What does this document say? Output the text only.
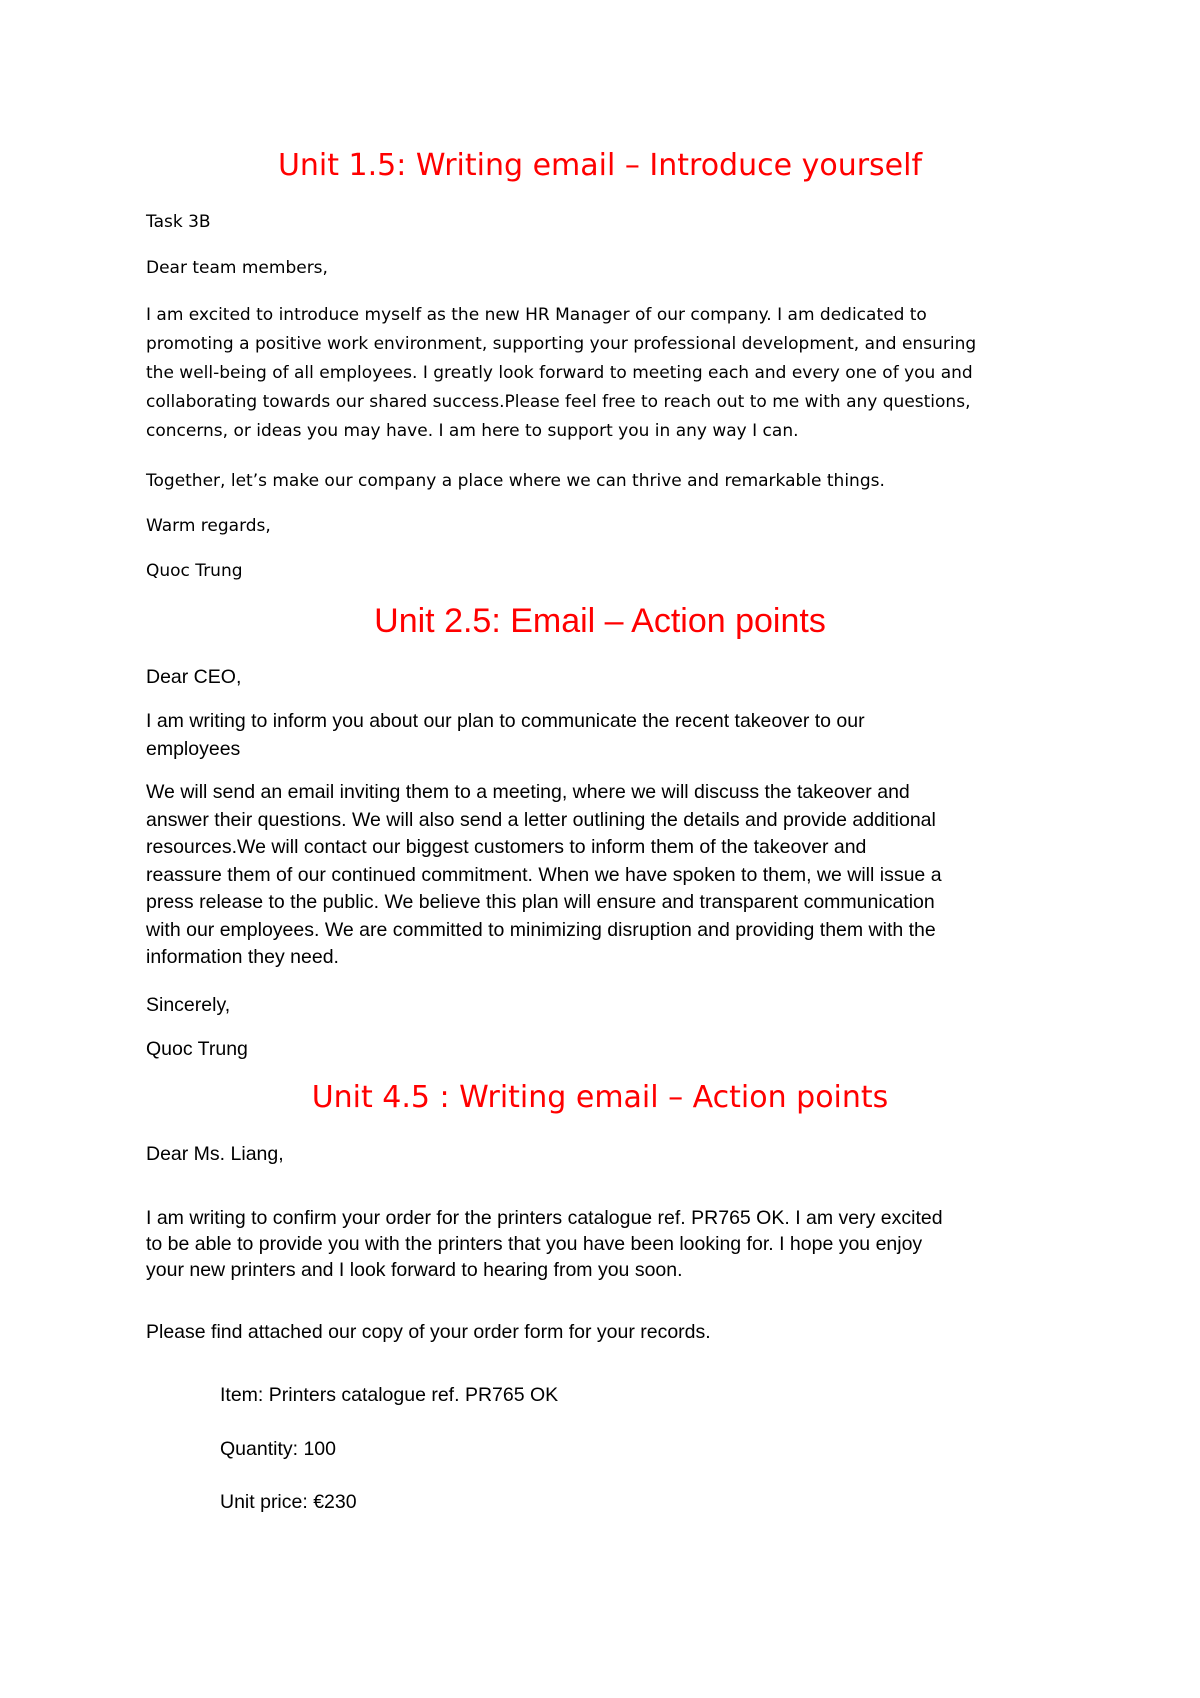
Unit 1.5: Writing email – Introduce yourself

Task 3B

Dear team members,

I am excited to introduce myself as the new HR Manager of our company. I am dedicated to
promoting a positive work environment, supporting your professional development, and ensuring
the well-being of all employees. I greatly look forward to meeting each and every one of you and
collaborating towards our shared success.Please feel free to reach out to me with any questions,
concerns, or ideas you may have. I am here to support you in any way I can.

Together, let’s make our company a place where we can thrive and remarkable things.

Warm regards,

Quoc Trung

Unit 2.5: Email – Action points

Dear CEO,

I am writing to inform you about our plan to communicate the recent takeover to our
employees
We will send an email inviting them to a meeting, where we will discuss the takeover and
answer their questions. We will also send a letter outlining the details and provide additional
resources.We will contact our biggest customers to inform them of the takeover and
reassure them of our continued commitment. When we have spoken to them, we will issue a
press release to the public. We believe this plan will ensure and transparent communication
with our employees. We are committed to minimizing disruption and providing them with the
information they need.

Sincerely,

Quoc Trung

Unit 4.5 : Writing email – Action points

Dear Ms. Liang,

I am writing to confirm your order for the printers catalogue ref. PR765 OK. I am very excited
to be able to provide you with the printers that you have been looking for. I hope you enjoy
your new printers and I look forward to hearing from you soon.

Please find attached our copy of your order form for your records.

Item: Printers catalogue ref. PR765 OK

Quantity: 100

Unit price: €230
